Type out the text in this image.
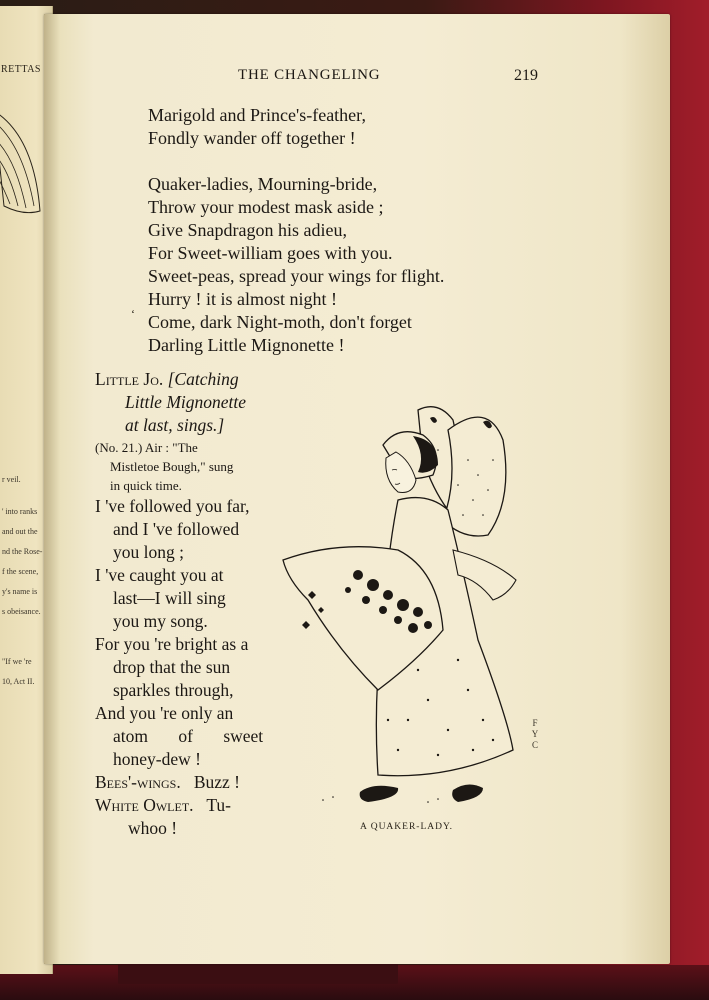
RETTAS
r veil.
' into ranks
and out the
nd the Rose-
f the scene,
y's name is
s obeisance.
"If we 're
10, Act II.
THE CHANGELING	219
Marigold and Prince's-feather,
Fondly wander off together !
Quaker-ladies, Mourning-bride,
Throw your modest mask aside ;
Give Snapdragon his adieu,
For Sweet-william goes with you.
Sweet-peas, spread your wings for flight.
Hurry ! it is almost night !
Come, dark Night-moth, don't forget
Darling Little Mignonette !
‘
Little Jo. [Catching
Little Mignonette
at last, sings.]
(No. 21.) Air : "The
Mistletoe Bough," sung
in quick time.
I 've followed you far,
and I 've followed
you long ;
I 've caught you at
last—I will sing
you my song.
For you 're bright as a
drop that the sun
sparkles through,
And you 're only an
atom of sweet
honey-dew !
Bees'-wings. Buzz !
White Owlet. Tu-
whoo !
F
Y
C
A QUAKER-LADY.
